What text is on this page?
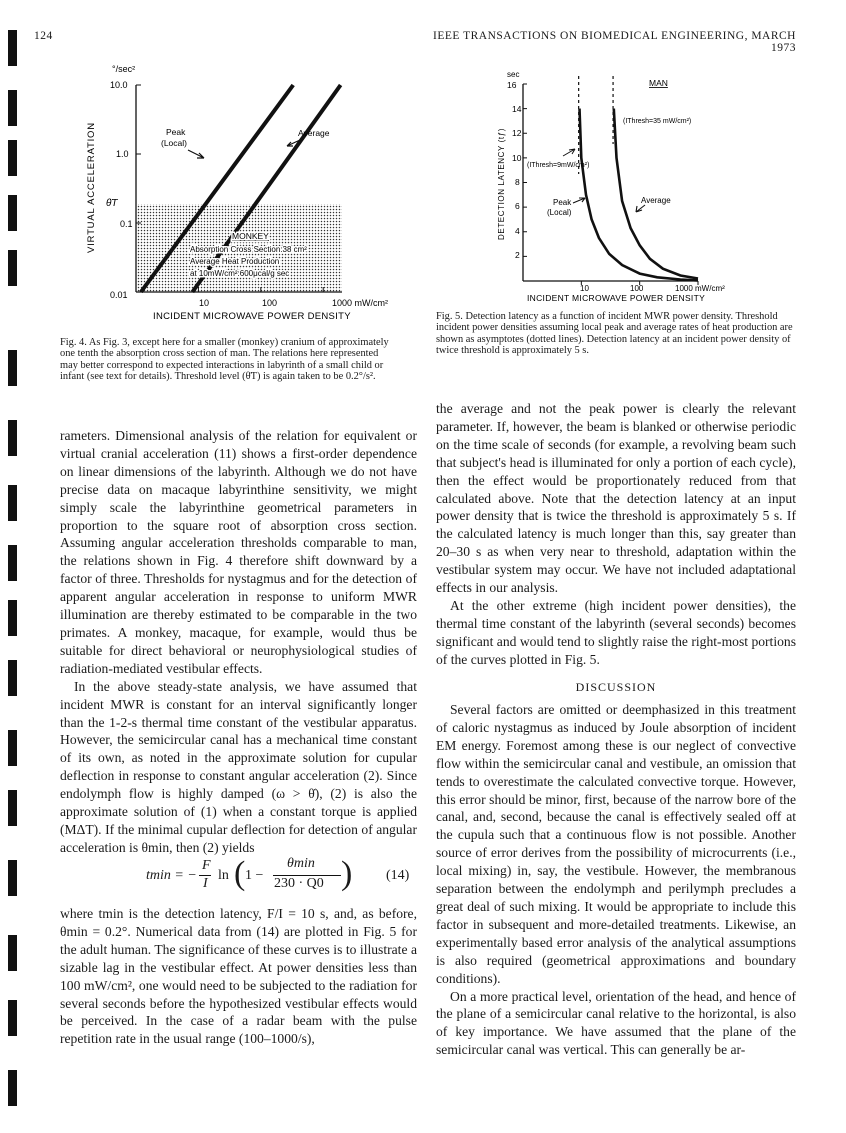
124	IEEE TRANSACTIONS ON BIOMEDICAL ENGINEERING, MARCH 1973
°/sec²
10.0
1.0
0.1
0.01
10	100	1000 mW/cm²
INCIDENT MICROWAVE POWER DENSITY
VIRTUAL ACCELERATION θ̈T
Peak
(Local)
Average
MONKEY
Absorption Cross Section:38 cm²
Average Heat Production
at 10mW/cm²:600μcal/g sec
Fig. 4. As Fig. 3, except here for a smaller (monkey) cranium of approximately one tenth the absorption cross section of man. The relations here represented may better correspond to expected interactions in labyrinth of a small child or infant (see text for details). Threshold level (θ̈T) is again taken to be 0.2°/s².
sec
16
14
12
10
8
6
4
2
10	100	1000 mW/cm²
INCIDENT MICROWAVE POWER DENSITY
DETECTION LATENCY (tƒ)
MAN
(IThresh=35 mW/cm²)
(IThresh=9mW/cm²)
Peak
(Local)
Average
Fig. 5. Detection latency as a function of incident MWR power density. Threshold incident power densities assuming local peak and average rates of heat production are shown as asymptotes (dotted lines). Detection latency at an incident power density of twice threshold is approximately 5 s.

rameters. Dimensional analysis of the relation for equivalent or virtual cranial acceleration (11) shows a first-order dependence on linear dimensions of the labyrinth. Although we do not have precise data on macaque labyrinthine sensitivity, we might simply scale the labyrinthine geometrical parameters in proportion to the square root of absorption cross section. Assuming angular acceleration thresholds comparable to man, the relations shown in Fig. 4 therefore shift downward by a factor of three. Thresholds for nystagmus and for the detection of apparent angular acceleration in response to uniform MWR illumination are thereby estimated to be comparable in the two primates. A monkey, macaque, for example, would thus be suitable for direct behavioral or neurophysiological studies of radiation-mediated vestibular effects.

In the above steady-state analysis, we have assumed that incident MWR is constant for an interval significantly longer than the 1-2-s thermal time constant of the vestibular apparatus. However, the semicircular canal has a mechanical time constant of its own, as noted in the approximate solution for cupular deflection in response to constant angular acceleration (2). Since endolymph flow is highly damped (ω > θ̇), (2) is also the approximate solution of (1) when a constant torque is applied (MΔT). If the minimal cupular deflection for detection of angular acceleration is θmin, then (2) yields

tmin = −
F
I
ln ( 1 −
θmin
230 · Q0 ) (14)

where tmin is the detection latency, F/I = 10 s, and, as before, θmin = 0.2°. Numerical data from (14) are plotted in Fig. 5 for the adult human. The significance of these curves is to illustrate a sizable lag in the vestibular effect. At power densities less than 100 mW/cm², one would need to be subjected to the radiation for several seconds before the hypothesized vestibular effects would be perceived. In the case of a radar beam with the pulse repetition rate in the usual range (100–1000/s),

the average and not the peak power is clearly the relevant parameter. If, however, the beam is blanked or otherwise periodic on the time scale of seconds (for example, a revolving beam such that subject's head is illuminated for only a portion of each cycle), then the effect would be proportionately reduced from that calculated above. Note that the detection latency at an input power density that is twice the threshold is approximately 5 s. If the calculated latency is much longer than this, say greater than 20–30 s as when very near to threshold, adaptation within the vestibular system may occur. We have not included adaptational effects in our analysis.

At the other extreme (high incident power densities), the thermal time constant of the labyrinth (several seconds) becomes significant and would tend to slightly raise the right-most portions of the curves plotted in Fig. 5.

DISCUSSION

Several factors are omitted or deemphasized in this treatment of caloric nystagmus as induced by Joule absorption of incident EM energy. Foremost among these is our neglect of convective flow within the semicircular canal and vestibule, an omission that tends to overestimate the calculated convective torque. However, this error should be minor, first, because of the narrow bore of the canal, and, second, because the canal is effectively sealed off at the cupula such that a continuous flow is not possible. Another source of error derives from the possibility of microcurrents (i.e., local mixing) in, say, the vestibule. However, the membranous separation between the endolymph and perilymph precludes a great deal of such mixing. It would be appropriate to include this factor in subsequent and more-detailed treatments. Likewise, an experimentally based error analysis of the analytical assumptions is also required (geometrical approximations and boundary conditions).

On a more practical level, orientation of the head, and hence of the plane of a semicircular canal relative to the horizontal, is also of key importance. We have assumed that the plane of the semicircular canal was vertical. This can generally be ar-
